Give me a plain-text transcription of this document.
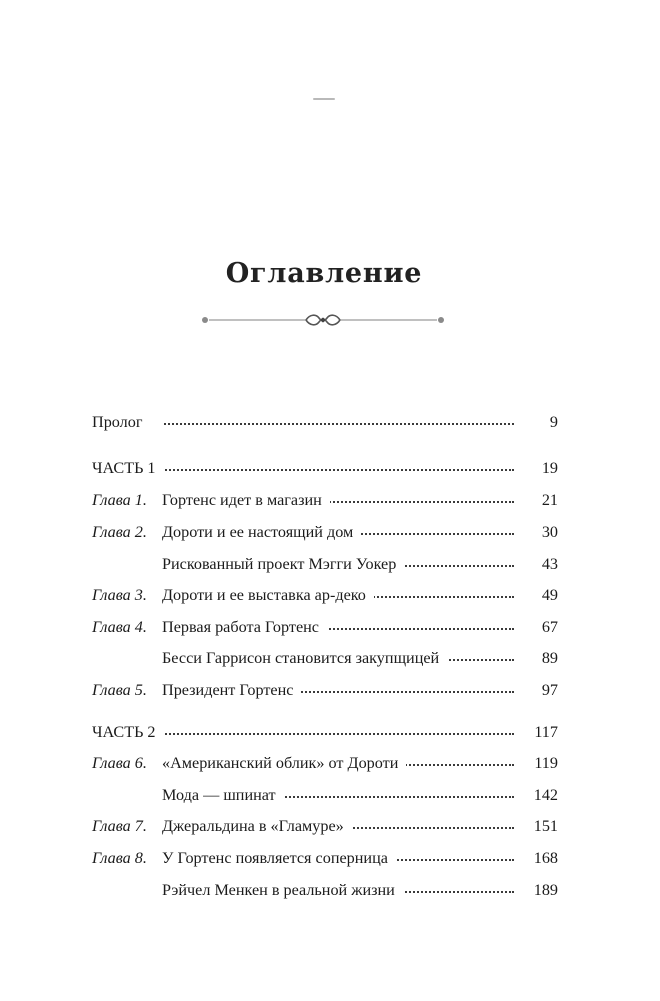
Оглавление
Пролог	9
ЧАСТЬ 1	19
Глава 1. Гортенс идет в магазин	21
Глава 2. Дороти и ее настоящий дом	30
Рискованный проект Мэгги Уокер	43
Глава 3. Дороти и ее выставка ар-деко	49
Глава 4. Первая работа Гортенс	67
Бесси Гаррисон становится закупщицей	89
Глава 5. Президент Гортенс	97
ЧАСТЬ 2	117
Глава 6. «Американский облик» от Дороти	119
Мода — шпинат	142
Глава 7. Джеральдина в «Гламуре»	151
Глава 8. У Гортенс появляется соперница	168
Рэйчел Менкен в реальной жизни	189
